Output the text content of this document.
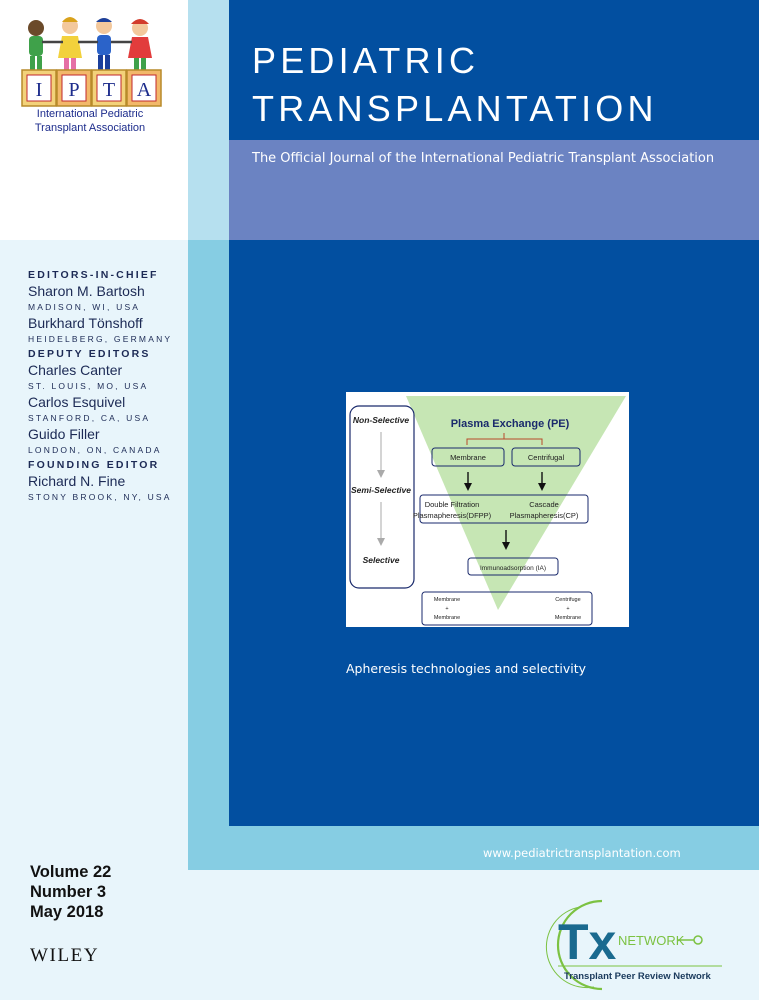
PEDIATRIC
TRANSPLANTATION
The Official Journal of the International Pediatric Transplant Association
I P T A
International Pediatric
Transplant Association
EDITORS-IN-CHIEF
Sharon M. Bartosh
MADISON, WI, USA
Burkhard Tönshoff
HEIDELBERG, GERMANY
DEPUTY EDITORS
Charles Canter
ST. LOUIS, MO, USA
Carlos Esquivel
STANFORD, CA, USA
Guido Filler
LONDON, ON, CANADA
FOUNDING EDITOR
Richard N. Fine
STONY BROOK, NY, USA
Non-Selective
Semi-Selective
Selective
Plasma Exchange (PE)
Membrane	Centrifugal
Double Filtration
Plasmapheresis(DFPP)
Cascade
Plasmapheresis(CP)
Immunoadsorption (IA)
Membrane
+
Membrane
Centrifuge
+
Membrane
Apheresis technologies and selectivity
www.pediatrictransplantation.com
Volume 22
Number 3
May 2018
WILEY	Tx NETWORK
Transplant Peer Review Network
